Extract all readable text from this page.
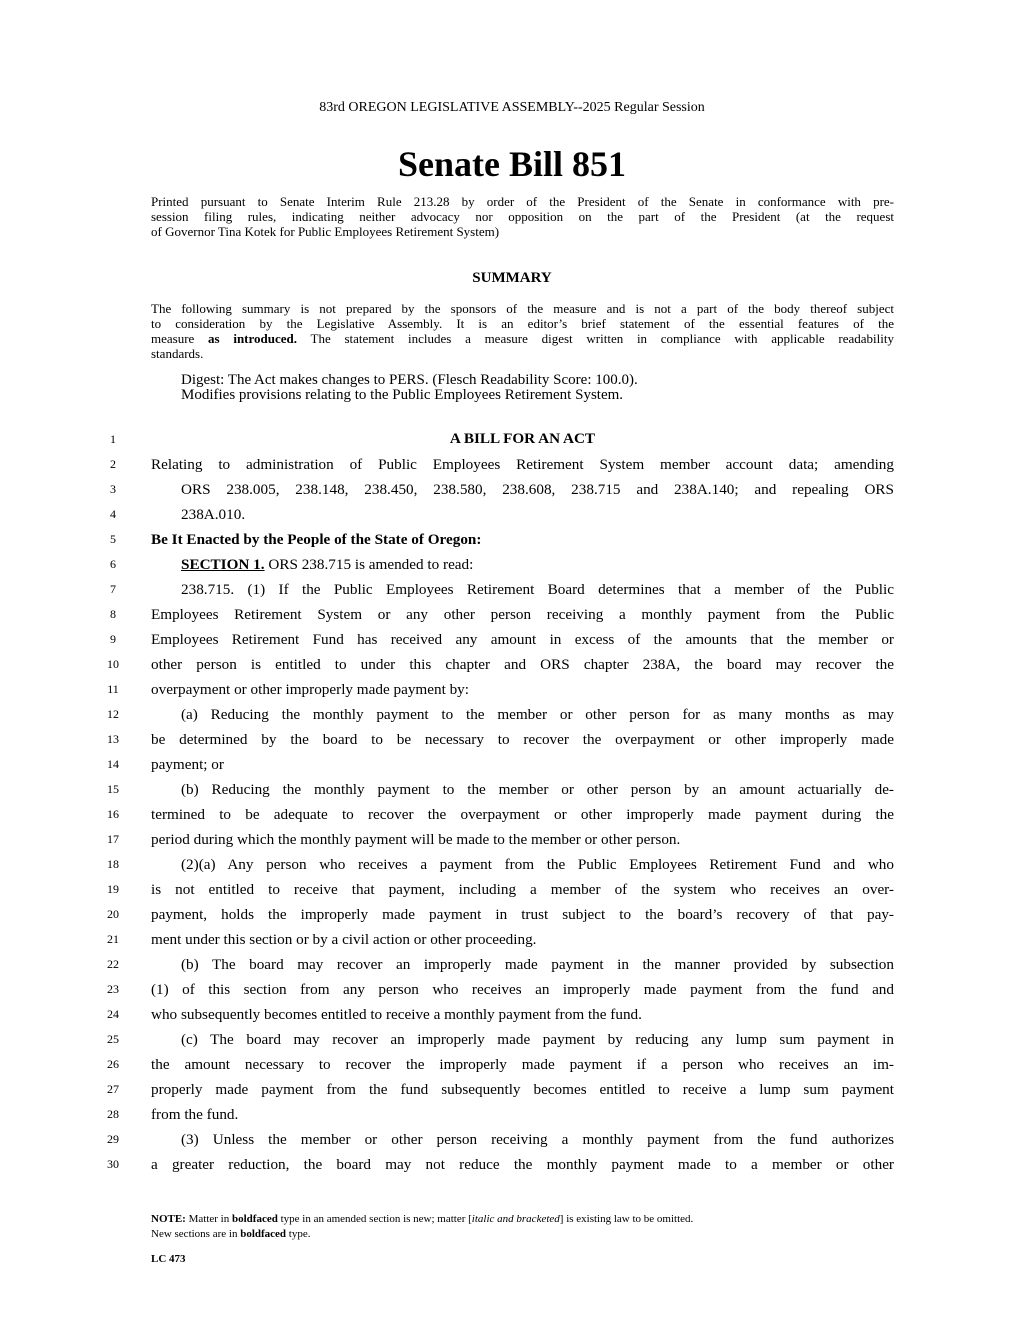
83rd OREGON LEGISLATIVE ASSEMBLY--2025 Regular Session
Senate Bill 851
Printed pursuant to Senate Interim Rule 213.28 by order of the President of the Senate in conformance with pre-
session filing rules, indicating neither advocacy nor opposition on the part of the President (at the request
of Governor Tina Kotek for Public Employees Retirement System)
SUMMARY
The following summary is not prepared by the sponsors of the measure and is not a part of the body thereof subject
to consideration by the Legislative Assembly. It is an editor’s brief statement of the essential features of the
measure as introduced. The statement includes a measure digest written in compliance with applicable readability
standards.
Digest: The Act makes changes to PERS. (Flesch Readability Score: 100.0).
Modifies provisions relating to the Public Employees Retirement System.
1
2
3
4
5
6
7
8
9
10
11
12
13
14
15
16
17
18
19
20
21
22
23
24
25
26
27
28
29
30
A BILL FOR AN ACT
Relating to administration of Public Employees Retirement System member account data; amending
ORS 238.005, 238.148, 238.450, 238.580, 238.608, 238.715 and 238A.140; and repealing ORS
238A.010.
Be It Enacted by the People of the State of Oregon:
SECTION 1. ORS 238.715 is amended to read:
238.715. (1) If the Public Employees Retirement Board determines that a member of the Public
Employees Retirement System or any other person receiving a monthly payment from the Public
Employees Retirement Fund has received any amount in excess of the amounts that the member or
other person is entitled to under this chapter and ORS chapter 238A, the board may recover the
overpayment or other improperly made payment by:
(a) Reducing the monthly payment to the member or other person for as many months as may
be determined by the board to be necessary to recover the overpayment or other improperly made
payment; or
(b) Reducing the monthly payment to the member or other person by an amount actuarially de-
termined to be adequate to recover the overpayment or other improperly made payment during the
period during which the monthly payment will be made to the member or other person.
(2)(a) Any person who receives a payment from the Public Employees Retirement Fund and who
is not entitled to receive that payment, including a member of the system who receives an over-
payment, holds the improperly made payment in trust subject to the board’s recovery of that pay-
ment under this section or by a civil action or other proceeding.
(b) The board may recover an improperly made payment in the manner provided by subsection
(1) of this section from any person who receives an improperly made payment from the fund and
who subsequently becomes entitled to receive a monthly payment from the fund.
(c) The board may recover an improperly made payment by reducing any lump sum payment in
the amount necessary to recover the improperly made payment if a person who receives an im-
properly made payment from the fund subsequently becomes entitled to receive a lump sum payment
from the fund.
(3) Unless the member or other person receiving a monthly payment from the fund authorizes
a greater reduction, the board may not reduce the monthly payment made to a member or other
NOTE: Matter in boldfaced type in an amended section is new; matter [italic and bracketed] is existing law to be omitted.
New sections are in boldfaced type.
LC 473
